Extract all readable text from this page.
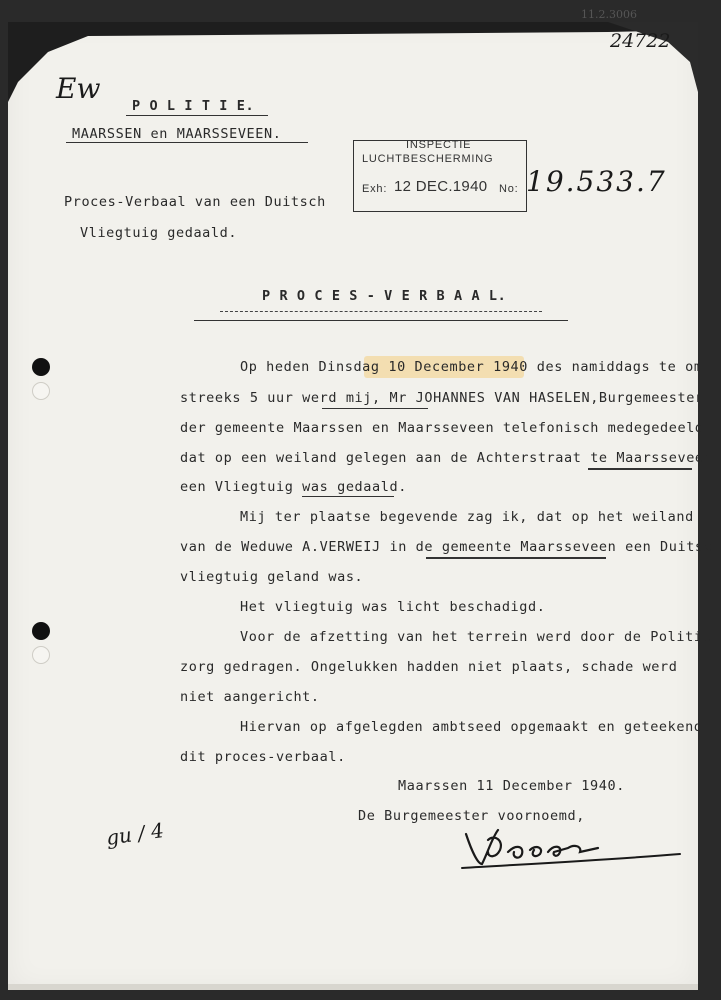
11.2.3006
24722
Ew
P O L I T I E.
MAARSSEN en MAARSSEVEEN.
INSPECTIE
LUCHTBESCHERMING
Exh: 12 DEC.1940 No: 19.533.7
Proces-Verbaal van een Duitsch
Vliegtuig gedaald.
P R O C E S - V E R B A A L.
Op heden Dinsdag 10 December 1940 des namiddags te om-
streeks 5 uur werd mij, Mr JOHANNES VAN HASELEN,Burgemeester
der gemeente Maarssen en Maarsseveen telefonisch medegedeeld
dat op een weiland gelegen aan de Achterstraat te Maarsseveen
een Vliegtuig was gedaald.
Mij ter plaatse begevende zag ik, dat op het weiland
van de Weduwe A.VERWEIJ in de gemeente Maarsseveen een Duitsch
vliegtuig geland was.
Het vliegtuig was licht beschadigd.
Voor de afzetting van het terrein werd door de Politie
zorg gedragen. Ongelukken hadden niet plaats, schade werd
niet aangericht.
Hiervan op afgelegden ambtseed opgemaakt en geteekend
dit proces-verbaal.
Maarssen 11 December 1940.
De Burgemeester voornoemd,
gu / 4
